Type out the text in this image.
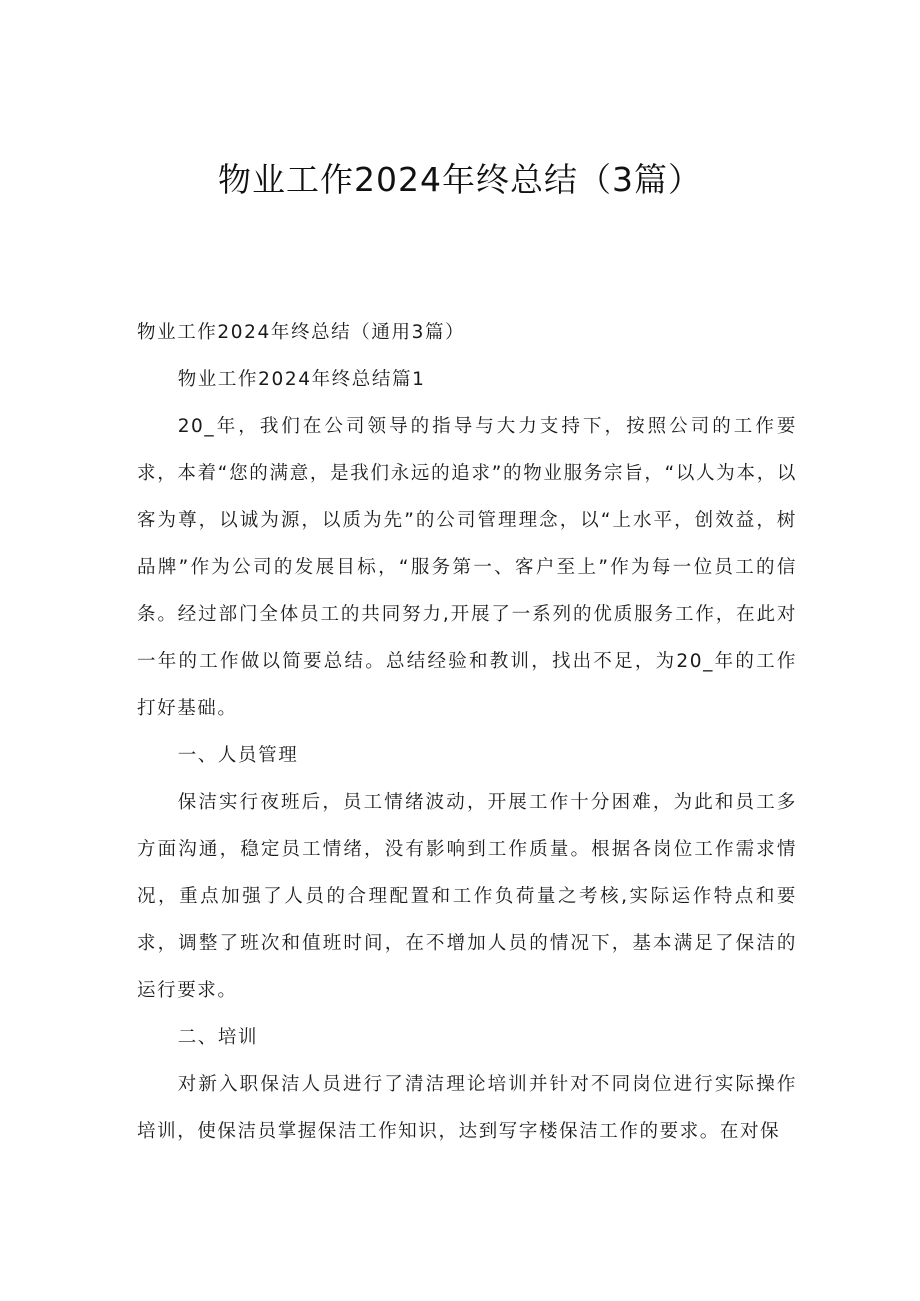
物业工作2024年终总结（3篇）

物业工作2024年终总结（通用3篇）

物业工作2024年终总结篇1

20_年，我们在公司领导的指导与大力支持下，按照公司的工作要求，本着“您的满意，是我们永远的追求”的物业服务宗旨，“以人为本，以客为尊，以诚为源，以质为先”的公司管理理念，以“上水平，创效益，树品牌”作为公司的发展目标，“服务第一、客户至上”作为每一位员工的信条。经过部门全体员工的共同努力,开展了一系列的优质服务工作，在此对一年的工作做以简要总结。总结经验和教训，找出不足，为20_年的工作打好基础。

一、人员管理

保洁实行夜班后，员工情绪波动，开展工作十分困难，为此和员工多方面沟通，稳定员工情绪，没有影响到工作质量。根据各岗位工作需求情况，重点加强了人员的合理配置和工作负荷量之考核,实际运作特点和要求，调整了班次和值班时间，在不增加人员的情况下，基本满足了保洁的运行要求。

二、培训

对新入职保洁人员进行了清洁理论培训并针对不同岗位进行实际操作培训，使保洁员掌握保洁工作知识，达到写字楼保洁工作的要求。在对保
